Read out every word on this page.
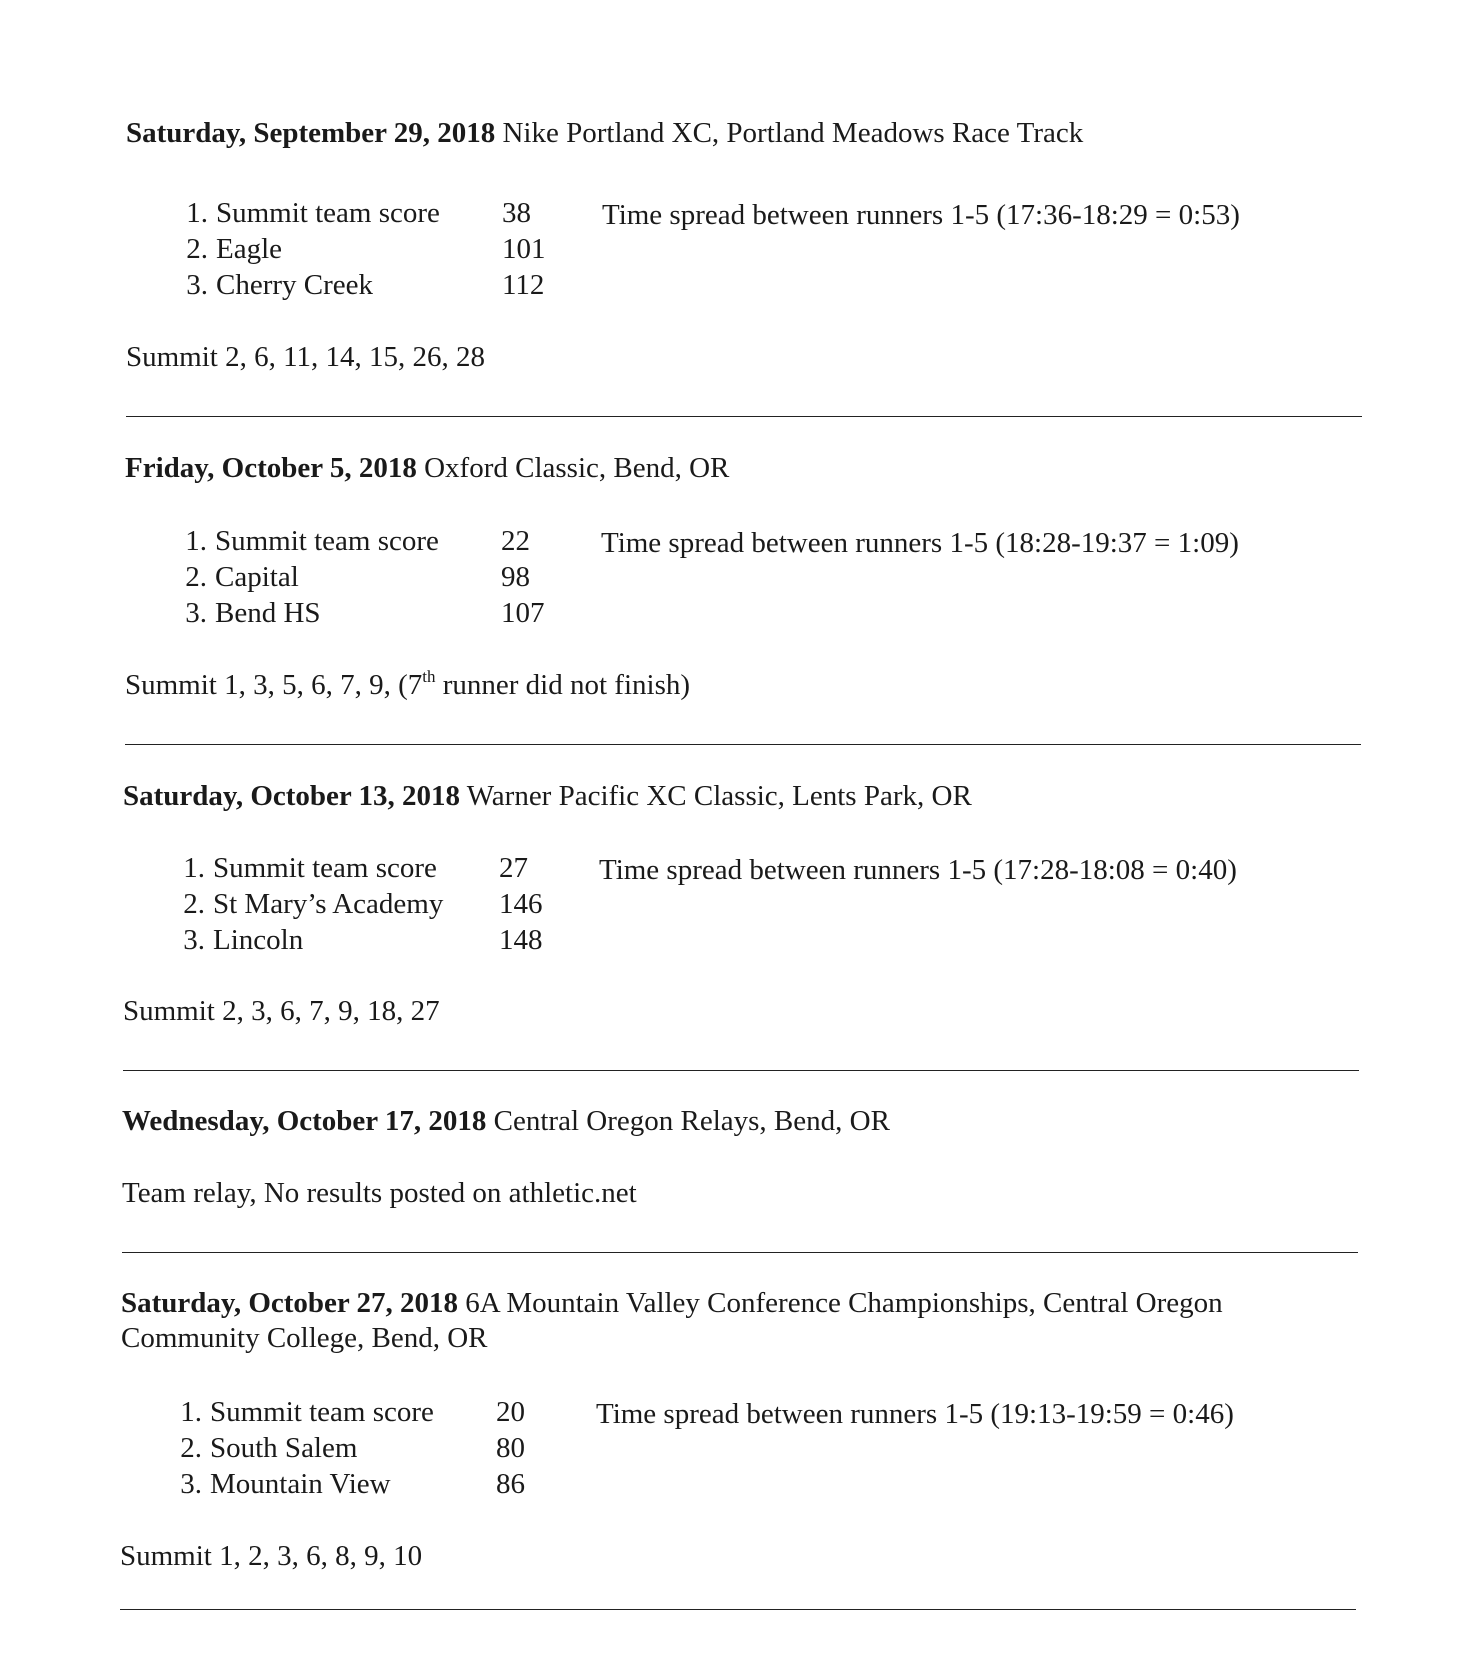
Saturday, September 29, 2018 Nike Portland XC, Portland Meadows Race Track
1. Summit team score 38
2. Eagle	101
3. Cherry Creek	112
Time spread between runners 1-5 (17:36-18:29 = 0:53)
Summit 2, 6, 11, 14, 15, 26, 28
Friday, October 5, 2018 Oxford Classic, Bend, OR
1. Summit team score 22
2. Capital	98
3. Bend HS	107
Time spread between runners 1-5 (18:28-19:37 = 1:09)
Summit 1, 3, 5, 6, 7, 9, (7th runner did not finish)
Saturday, October 13, 2018 Warner Pacific XC Classic, Lents Park, OR
1. Summit team score 27
2. St Mary’s Academy 146
3. Lincoln	148
Time spread between runners 1-5 (17:28-18:08 = 0:40)
Summit 2, 3, 6, 7, 9, 18, 27
Wednesday, October 17, 2018 Central Oregon Relays, Bend, OR
Team relay, No results posted on athletic.net
Saturday, October 27, 2018 6A Mountain Valley Conference Championships, Central Oregon Community College, Bend, OR
1. Summit team score 20
2. South Salem	80
3. Mountain View	86
Time spread between runners 1-5 (19:13-19:59 = 0:46)
Summit 1, 2, 3, 6, 8, 9, 10
